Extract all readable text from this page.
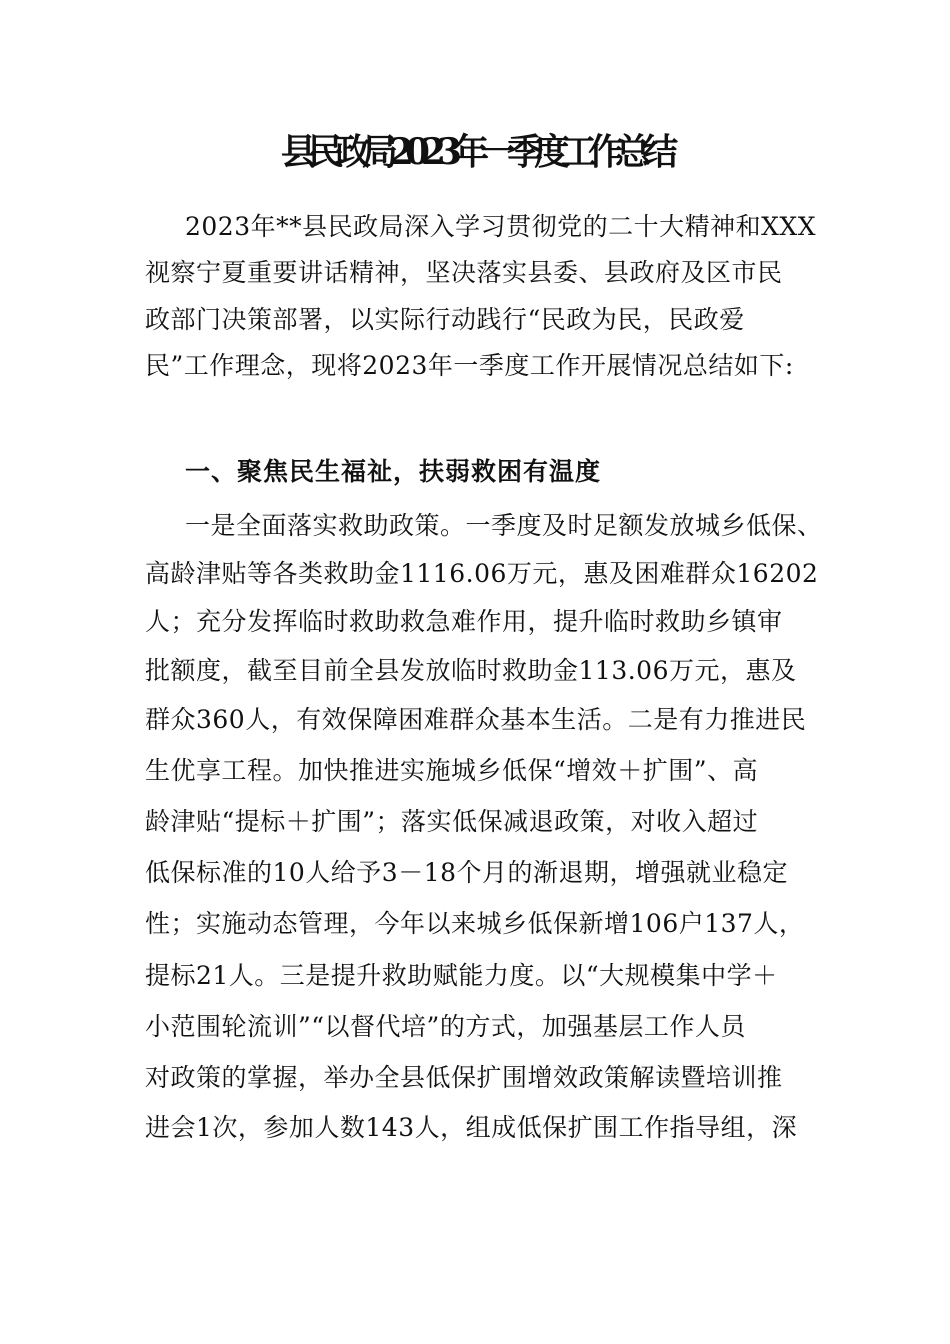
县民政局2023年一季度工作总结
2023年**县民政局深入学习贯彻党的二十大精神和XXX
视察宁夏重要讲话精神，坚决落实县委、县政府及区市民
政部门决策部署，以实际行动践行“民政为民，民政爱
民”工作理念，现将2023年一季度工作开展情况总结如下:
一、聚焦民生福祉，扶弱救困有温度
一是全面落实救助政策。一季度及时足额发放城乡低保、
高龄津贴等各类救助金1116.06万元，惠及困难群众16202
人；充分发挥临时救助救急难作用，提升临时救助乡镇审
批额度，截至目前全县发放临时救助金113.06万元，惠及
群众360人，有效保障困难群众基本生活。二是有力推进民
生优享工程。加快推进实施城乡低保“增效＋扩围”、高
龄津贴“提标＋扩围”；落实低保减退政策，对收入超过
低保标准的10人给予3－18个月的渐退期，增强就业稳定
性；实施动态管理，今年以来城乡低保新增106户137人，
提标21人。三是提升救助赋能力度。以“大规模集中学＋
小范围轮流训”“以督代培”的方式，加强基层工作人员
对政策的掌握，举办全县低保扩围增效政策解读暨培训推
进会1次，参加人数143人，组成低保扩围工作指导组，深
